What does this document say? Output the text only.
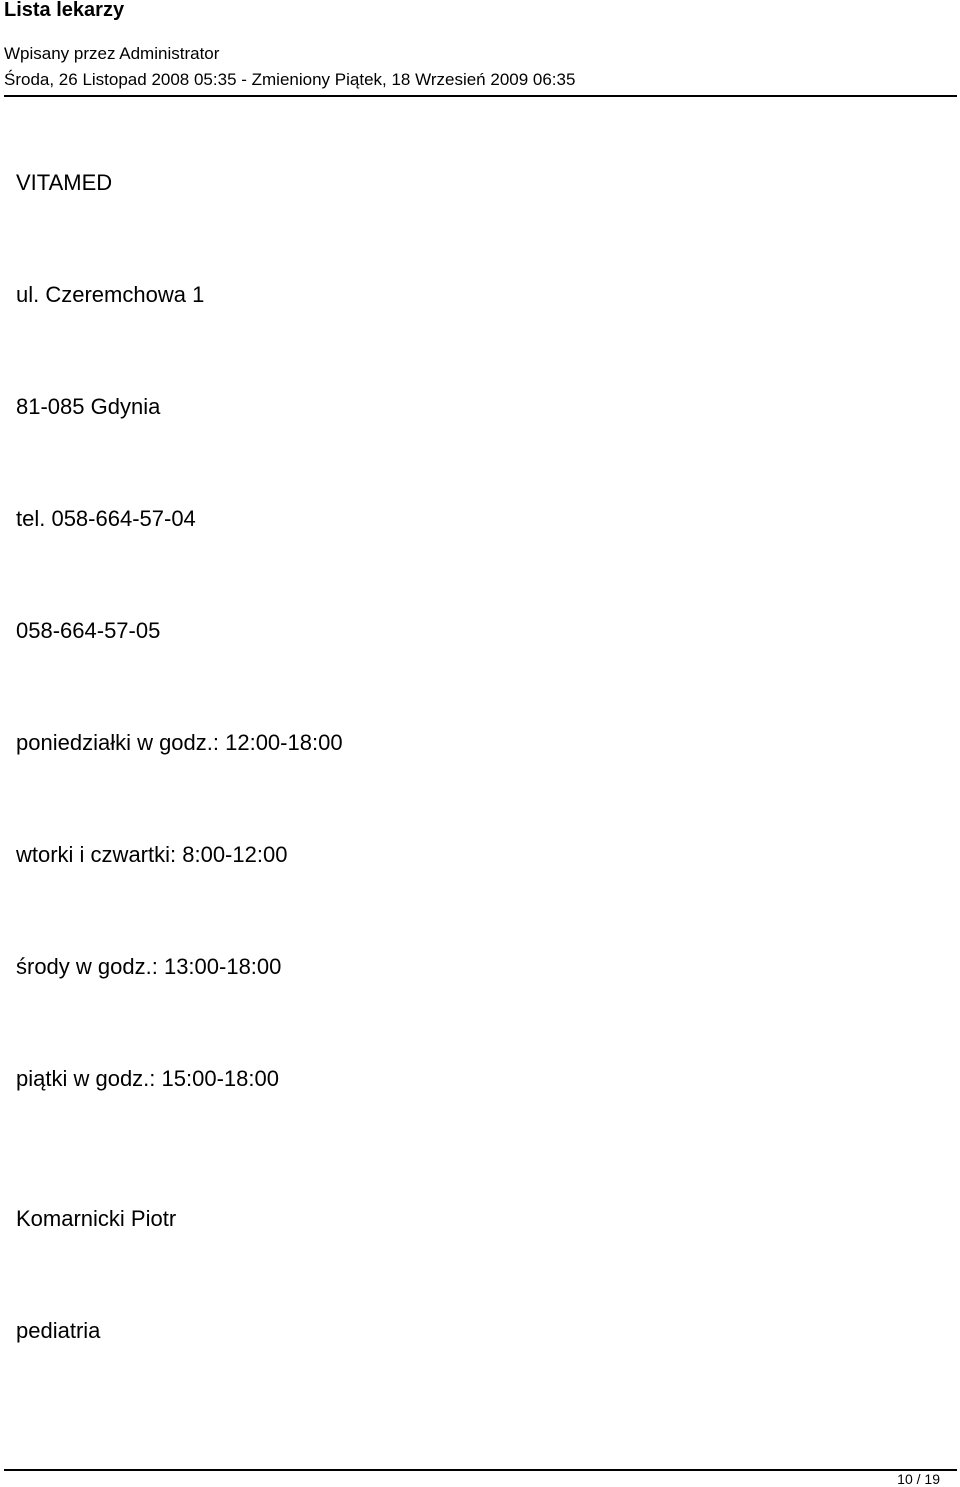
Lista lekarzy
Wpisany przez Administrator
Środa, 26 Listopad 2008 05:35 - Zmieniony Piątek, 18 Wrzesień 2009 06:35
VITAMED
ul. Czeremchowa 1
81-085 Gdynia
tel. 058-664-57-04
058-664-57-05
poniedziałki w godz.: 12:00-18:00
wtorki i czwartki: 8:00-12:00
środy w godz.: 13:00-18:00
piątki w godz.: 15:00-18:00
Komarnicki Piotr
pediatria
10 / 19
